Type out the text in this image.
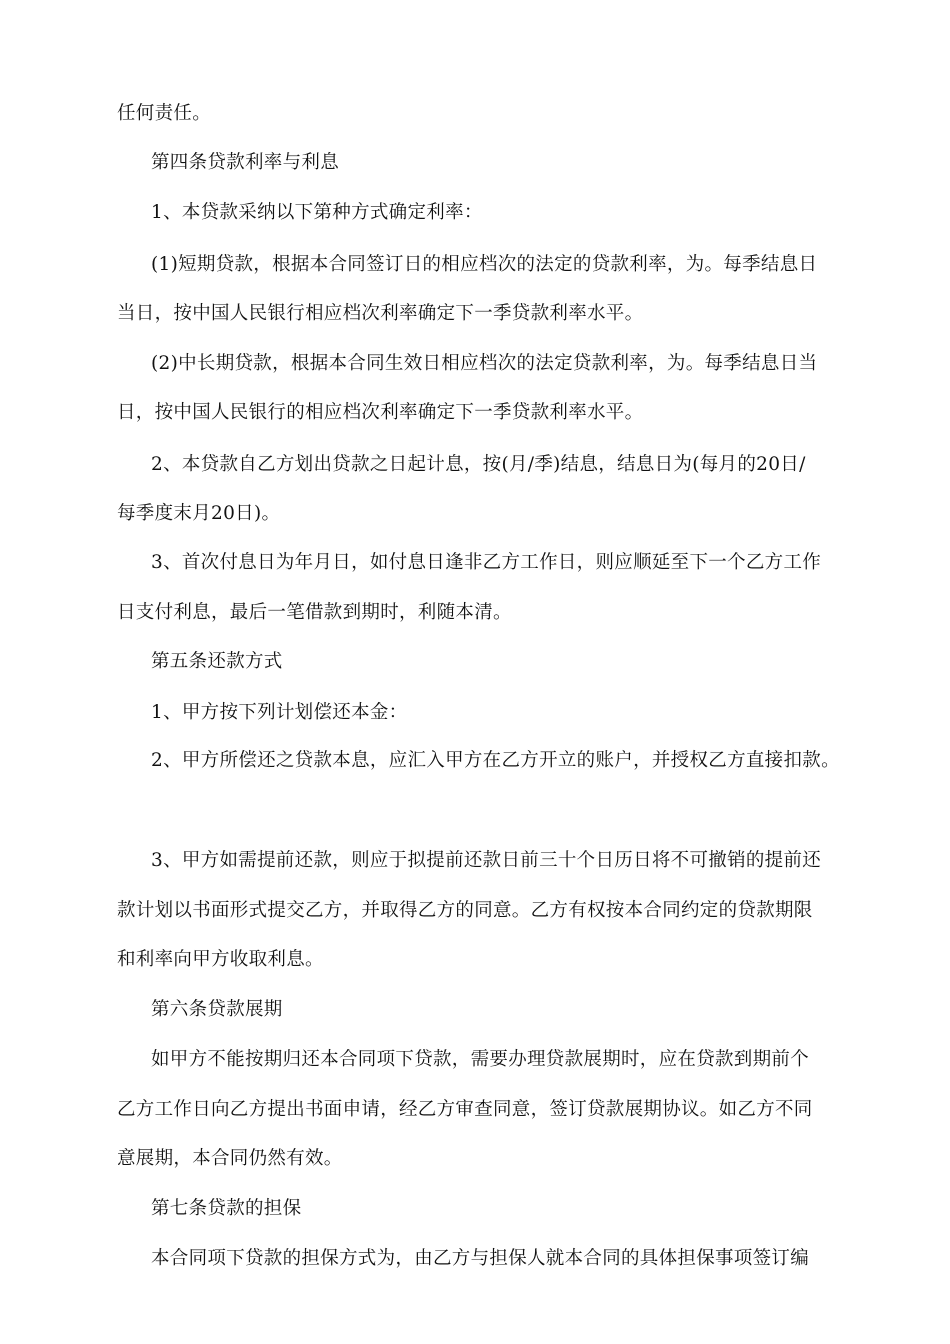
任何责任。

第四条贷款利率与利息

1、本贷款采纳以下第种方式确定利率：

(1)短期贷款，根据本合同签订日的相应档次的法定的贷款利率，为。每季结息日

当日，按中国人民银行相应档次利率确定下一季贷款利率水平。

(2)中长期贷款，根据本合同生效日相应档次的法定贷款利率，为。每季结息日当

日，按中国人民银行的相应档次利率确定下一季贷款利率水平。

2、本贷款自乙方划出贷款之日起计息，按(月/季)结息，结息日为(每月的20日/

每季度末月20日)。

3、首次付息日为年月日，如付息日逢非乙方工作日，则应顺延至下一个乙方工作

日支付利息，最后一笔借款到期时，利随本清。

第五条还款方式

1、甲方按下列计划偿还本金：

2、甲方所偿还之贷款本息，应汇入甲方在乙方开立的账户，并授权乙方直接扣款。

3、甲方如需提前还款，则应于拟提前还款日前三十个日历日将不可撤销的提前还

款计划以书面形式提交乙方，并取得乙方的同意。乙方有权按本合同约定的贷款期限

和利率向甲方收取利息。

第六条贷款展期

如甲方不能按期归还本合同项下贷款，需要办理贷款展期时，应在贷款到期前个

乙方工作日向乙方提出书面申请，经乙方审查同意，签订贷款展期协议。如乙方不同

意展期，本合同仍然有效。

第七条贷款的担保

本合同项下贷款的担保方式为，由乙方与担保人就本合同的具体担保事项签订编
